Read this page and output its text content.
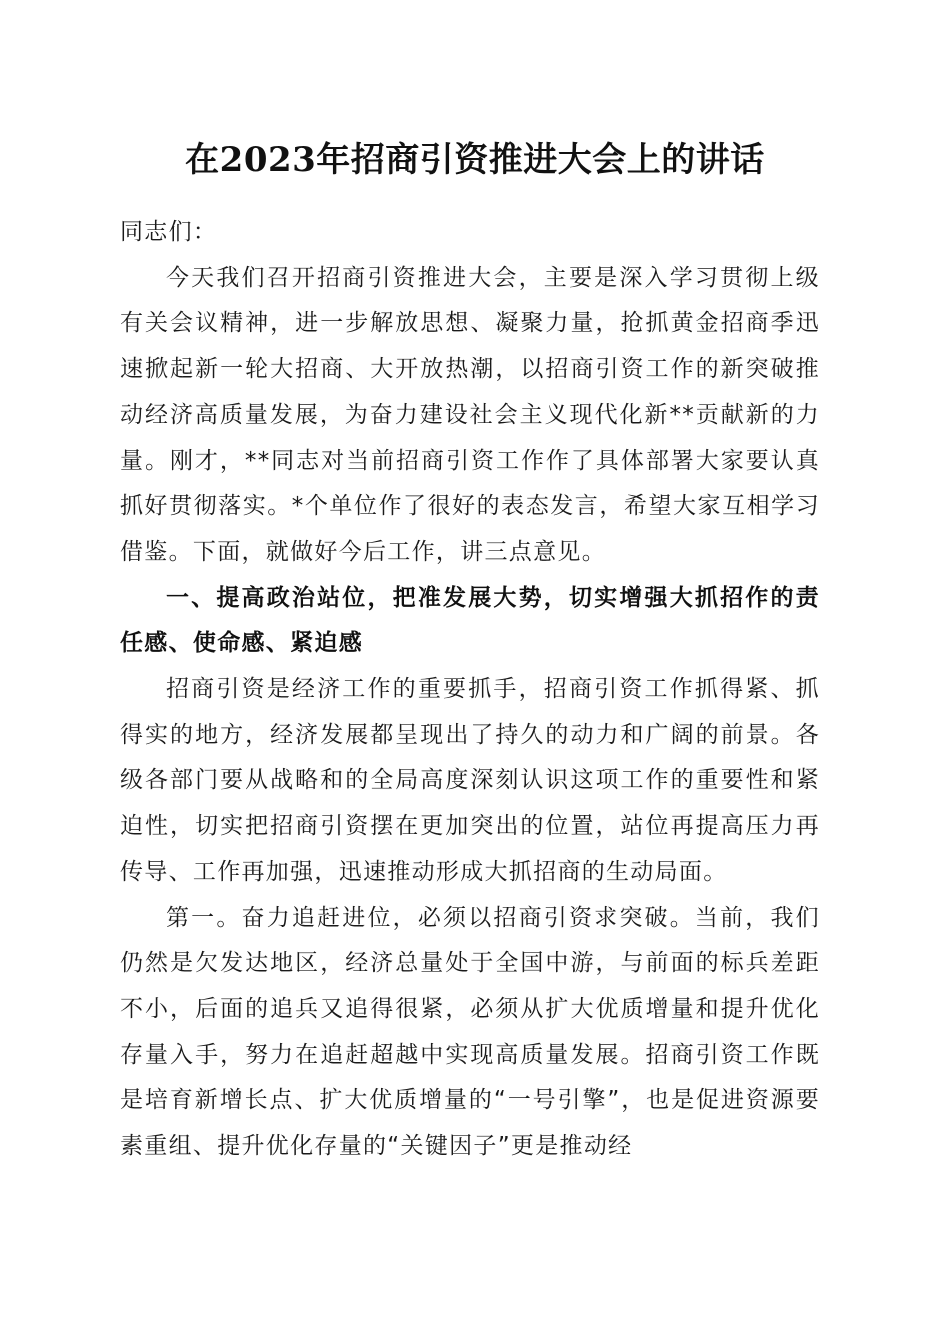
在2023年招商引资推进大会上的讲话

同志们：

今天我们召开招商引资推进大会，主要是深入学习贯彻上级有关会议精神，进一步解放思想、凝聚力量，抢抓黄金招商季迅速掀起新一轮大招商、大开放热潮，以招商引资工作的新突破推动经济高质量发展，为奋力建设社会主义现代化新**贡献新的力量。刚才，**同志对当前招商引资工作作了具体部署大家要认真抓好贯彻落实。*个单位作了很好的表态发言，希望大家互相学习借鉴。下面，就做好今后工作，讲三点意见。

一、提高政治站位，把准发展大势，切实增强大抓招作的责任感、使命感、紧迫感

招商引资是经济工作的重要抓手，招商引资工作抓得紧、抓得实的地方，经济发展都呈现出了持久的动力和广阔的前景。各级各部门要从战略和的全局高度深刻认识这项工作的重要性和紧迫性，切实把招商引资摆在更加突出的位置，站位再提高压力再传导、工作再加强，迅速推动形成大抓招商的生动局面。

第一。奋力追赶进位，必须以招商引资求突破。当前，我们仍然是欠发达地区，经济总量处于全国中游，与前面的标兵差距不小，后面的追兵又追得很紧，必须从扩大优质增量和提升优化存量入手，努力在追赶超越中实现高质量发展。招商引资工作既是培育新增长点、扩大优质增量的“一号引擎”，也是促进资源要素重组、提升优化存量的“关键因子”更是推动经
